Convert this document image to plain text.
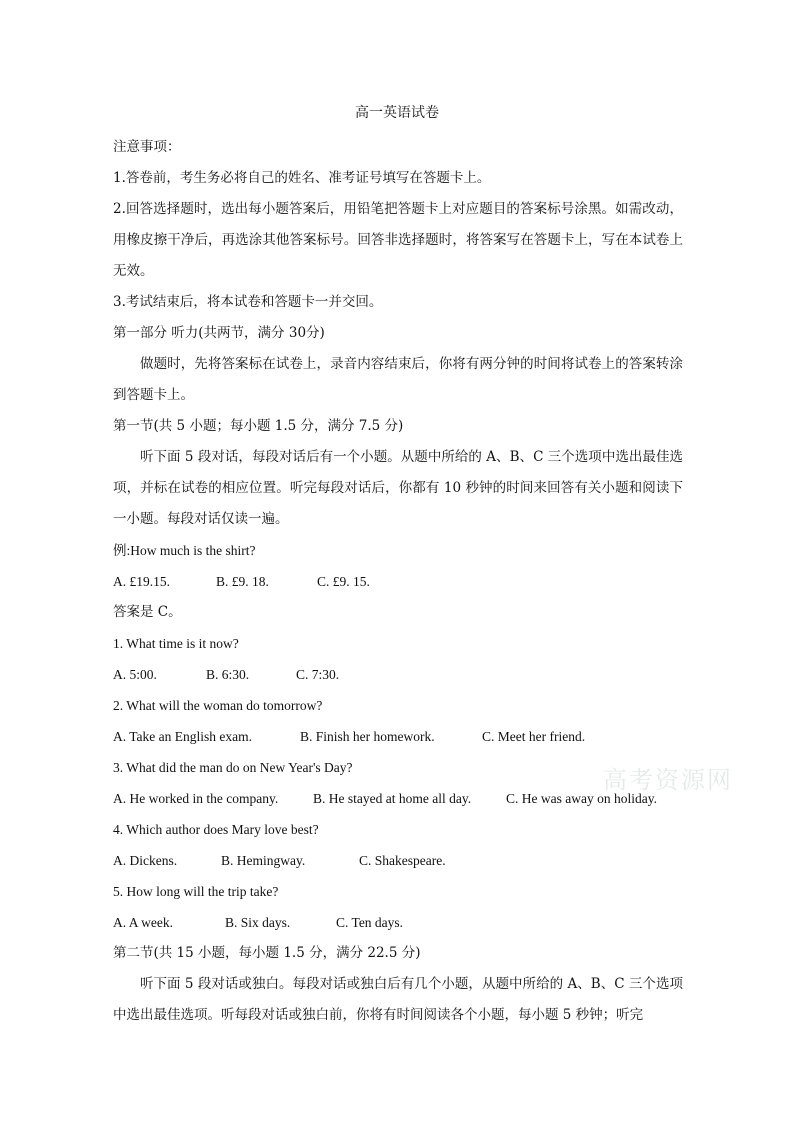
高一英语试卷
注意事项：
1.答卷前，考生务必将自己的姓名、准考证号填写在答题卡上。
2.回答选择题时，选出每小题答案后，用铅笔把答题卡上对应题目的答案标号涂黑。如需改动，用橡皮擦干净后，再选涂其他答案标号。回答非选择题时，将答案写在答题卡上，写在本试卷上无效。
3.考试结束后，将本试卷和答题卡一并交回。
第一部分 听力(共两节，满分 30分)
做题时，先将答案标在试卷上，录音内容结束后，你将有两分钟的时间将试卷上的答案转涂到答题卡上。
第一节(共 5 小题；每小题 1.5 分，满分 7.5 分)
听下面 5 段对话，每段对话后有一个小题。从题中所给的 A、B、C 三个选项中选出最佳选项，并标在试卷的相应位置。听完每段对话后，你都有 10 秒钟的时间来回答有关小题和阅读下一小题。每段对话仅读一遍。
例:How much is the shirt?
A. £19.15.	B. £9. 18.	C. £9. 15.
答案是 C。
1. What time is it now?
A. 5:00.	B. 6:30.	C. 7:30.
2. What will the woman do tomorrow?
A. Take an English exam.	B. Finish her homework.	C. Meet her friend.
3. What did the man do on New Year's Day?
A. He worked in the company.	B. He stayed at home all day.	C. He was away on holiday.
4. Which author does Mary love best?
A. Dickens.	B. Hemingway.	C. Shakespeare.
5. How long will the trip take?
A. A week.	B. Six days.	C. Ten days.
第二节(共 15 小题，每小题 1.5 分，满分 22.5 分)
听下面 5 段对话或独白。每段对话或独白后有几个小题，从题中所给的 A、B、C 三个选项中选出最佳选项。听每段对话或独白前，你将有时间阅读各个小题，每小题 5 秒钟；听完
高考资源网
